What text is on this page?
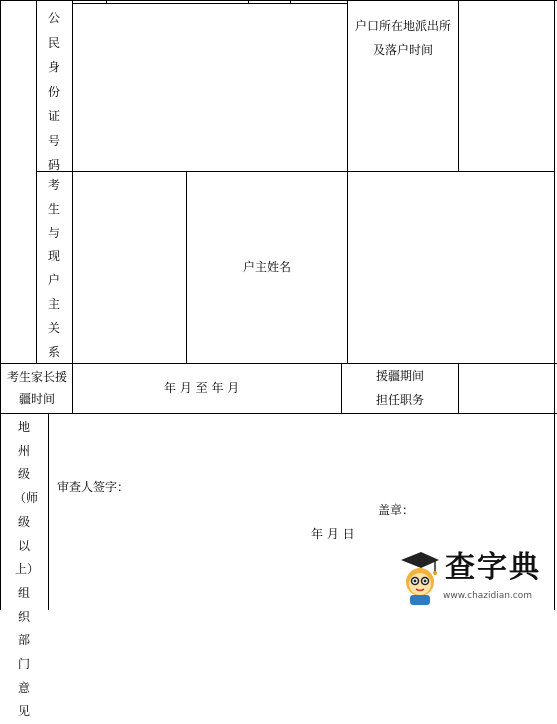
公民身份证号码
考生与现户主关系
地州级（师级以上）组织部门意见
户口所在地派出所及落户时间
户主姓名
考生家长援疆时间
年 月 至 年 月
援疆期间
担任职务
审查人签字：
盖章：
年 月 日
查字典
www.chazidian.com
